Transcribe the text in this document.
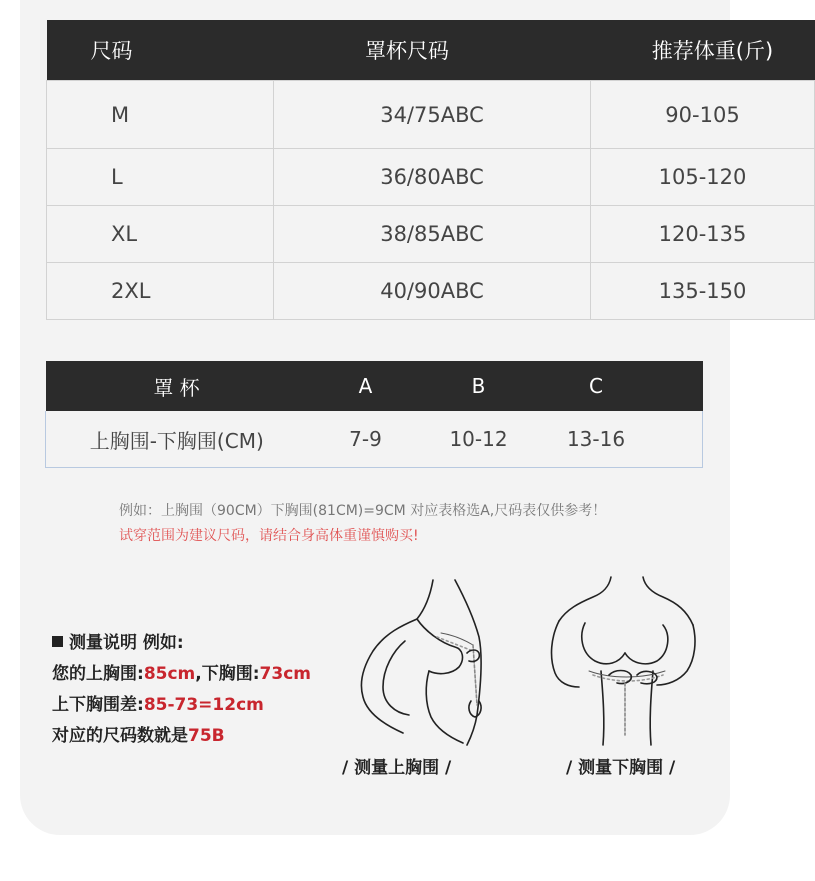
尺码	罩杯尺码	推荐体重(斤)
M	34/75ABC	90-105
L	36/80ABC	105-120
XL	38/85ABC	120-135
2XL	40/90ABC	135-150
罩 杯	A	B	C	
上胸围-下胸围(CM)	7-9	10-12	13-16	
例如：上胸围（90CM）下胸围(81CM)=9CM 对应表格选A,尺码表仅供参考！
试穿范围为建议尺码，请结合身高体重谨慎购买!
测量说明 例如:
您的上胸围:85cm,下胸围:73cm
上下胸围差:85-73=12cm
对应的尺码数就是75B
/ 测量上胸围 /	/ 测量下胸围 /
